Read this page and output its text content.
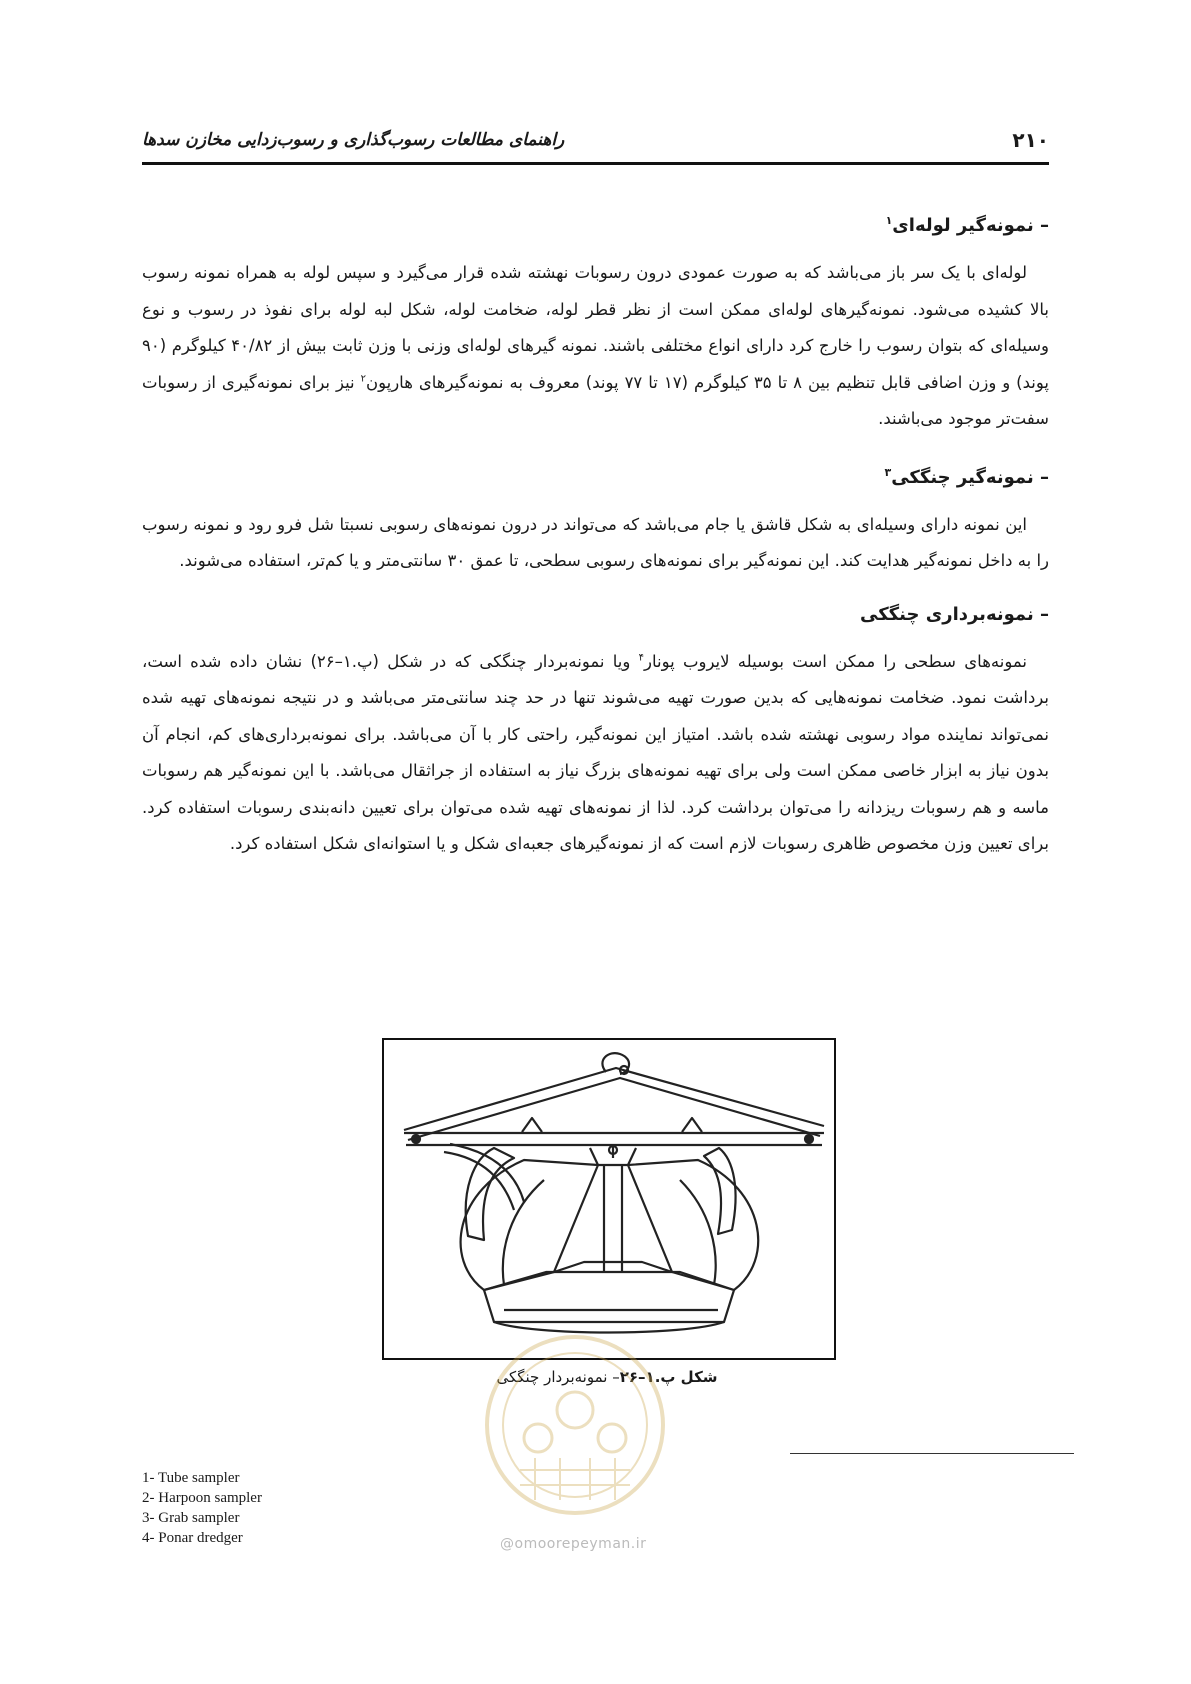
۲۱۰
راهنمای مطالعات رسوب‌گذاری و رسوب‌زدایی مخازن سدها
– نمونه‌گیر لوله‌ای$^۱$

لوله‌ای با یک سر باز می‌باشد که به صورت عمودی درون رسوبات نهشته شده قرار می‌گیرد و سپس لوله به همراه نمونه رسوب بالا کشیده می‌شود. نمونه‌گیرهای لوله‌ای ممکن است از نظر قطر لوله، ضخامت لوله، شکل لبه لوله برای نفوذ در رسوب و نوع وسیله‌ای که بتوان رسوب را خارج کرد دارای انواع مختلفی باشند. نمونه گیرهای لوله‌ای وزنی با وزن ثابت بیش از ۴۰/۸۲ کیلوگرم (۹۰ پوند) و وزن اضافی قابل تنظیم بین ۸ تا ۳۵ کیلوگرم (۱۷ تا ۷۷ پوند) معروف به نمونه‌گیرهای هارپون$^۲$ نیز برای نمونه‌گیری از رسوبات سفت‌تر موجود می‌باشند.

– نمونه‌گیر چنگکی$^۳$

این نمونه دارای وسیله‌ای به شکل قاشق یا جام می‌باشد که می‌تواند در درون نمونه‌های رسوبی نسبتا شل فرو رود و نمونه رسوب را به داخل نمونه‌گیر هدایت کند. این نمونه‌گیر برای نمونه‌های رسوبی سطحی، تا عمق ۳۰ سانتی‌متر و یا کم‌تر، استفاده می‌شوند.

– نمونه‌برداری چنگکی

نمونه‌های سطحی را ممکن است بوسیله لایروب پونار$^۴$ ویا نمونه‌بردار چنگکی که در شکل (پ.۱–۲۶) نشان داده شده است، برداشت نمود. ضخامت نمونه‌هایی که بدین صورت تهیه می‌شوند تنها در حد چند سانتی‌متر می‌باشد و در نتیجه نمونه‌های تهیه شده نمی‌تواند نماینده مواد رسوبی نهشته شده باشد. امتیاز این نمونه‌گیر، راحتی کار با آن می‌باشد. برای نمونه‌برداری‌های کم، انجام آن بدون نیاز به ابزار خاصی ممکن است ولی برای تهیه نمونه‌های بزرگ نیاز به استفاده از جراثقال می‌باشد. با این نمونه‌گیر هم رسوبات ماسه و هم رسوبات ریزدانه را می‌توان برداشت کرد. لذا از نمونه‌های تهیه شده می‌توان برای تعیین دانه‌بندی رسوبات استفاده کرد. برای تعیین وزن مخصوص ظاهری رسوبات لازم است که از نمونه‌گیرهای جعبه‌ای شکل و یا استوانه‌ای شکل استفاده کرد.

شکل پ.۱–۲۶– نمونه‌بردار چنگکی
1- Tube sampler
2- Harpoon sampler
3- Grab sampler
4- Ponar dredger	@omoorepeyman.ir
